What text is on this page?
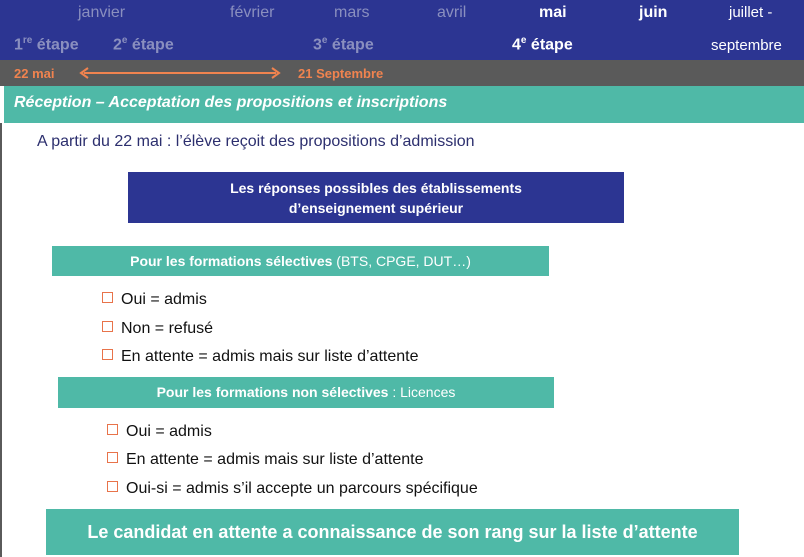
janvier	février	mars	avril	mai	juin	juillet -
1re étape 2e étape	3e étape	4e étape	septembre
22 mai	21 Septembre
Réception – Acceptation des propositions et inscriptions
A partir du 22 mai : l’élève reçoit des propositions d’admission
Les réponses possibles des établissements
d’enseignement supérieur
Pour les formations sélectives (BTS, CPGE, DUT…)
Oui = admis
Non = refusé
En attente = admis mais sur liste d’attente
Pour les formations non sélectives : Licences
Oui = admis
En attente = admis mais sur liste d’attente
Oui-si = admis s’il accepte un parcours spécifique
Le candidat en attente a connaissance de son rang sur la liste d’attente
